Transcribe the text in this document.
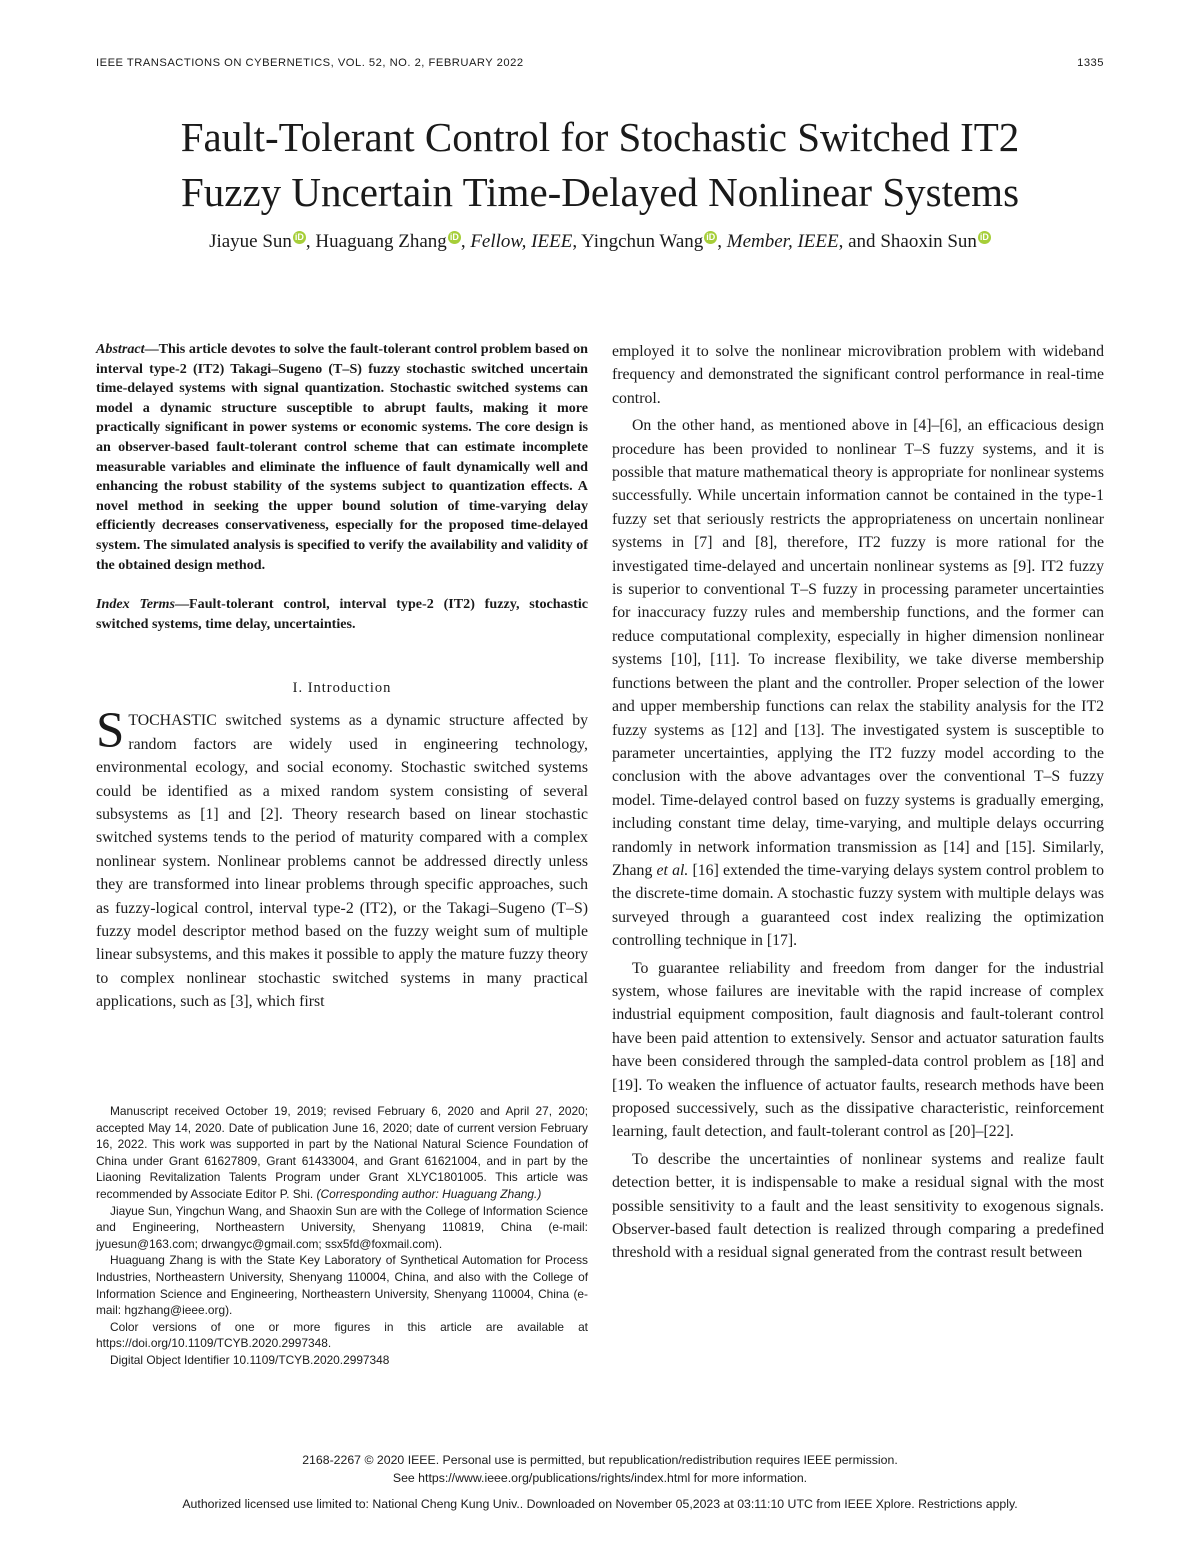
IEEE TRANSACTIONS ON CYBERNETICS, VOL. 52, NO. 2, FEBRUARY 2022	1335
Fault-Tolerant Control for Stochastic Switched IT2
Fuzzy Uncertain Time-Delayed Nonlinear Systems
Jiayue Sun iD , Huaguang Zhang iD , Fellow, IEEE, Yingchun Wang iD , Member, IEEE, and Shaoxin Sun iD

Abstract—This article devotes to solve the fault-tolerant control problem based on interval type-2 (IT2) Takagi–Sugeno (T–S) fuzzy stochastic switched uncertain time-delayed systems with signal quantization. Stochastic switched systems can model a dynamic structure susceptible to abrupt faults, making it more practically significant in power systems or economic systems. The core design is an observer-based fault-tolerant control scheme that can estimate incomplete measurable variables and eliminate the influence of fault dynamically well and enhancing the robust stability of the systems subject to quantization effects. A novel method in seeking the upper bound solution of time-varying delay efficiently decreases conservativeness, especially for the proposed time-delayed system. The simulated analysis is specified to verify the availability and validity of the obtained design method.

Index Terms—Fault-tolerant control, interval type-2 (IT2) fuzzy, stochastic switched systems, time delay, uncertainties.

I. Introduction

STOCHASTIC switched systems as a dynamic structure affected by random factors are widely used in engineering technology, environmental ecology, and social economy. Stochastic switched systems could be identified as a mixed random system consisting of several subsystems as [1] and [2]. Theory research based on linear stochastic switched systems tends to the period of maturity compared with a complex nonlinear system. Nonlinear problems cannot be addressed directly unless they are transformed into linear problems through specific approaches, such as fuzzy-logical control, interval type-2 (IT2), or the Takagi–Sugeno (T–S) fuzzy model descriptor method based on the fuzzy weight sum of multiple linear subsystems, and this makes it possible to apply the mature fuzzy theory to complex nonlinear stochastic switched systems in many practical applications, such as [3], which first

Manuscript received October 19, 2019; revised February 6, 2020 and April 27, 2020; accepted May 14, 2020. Date of publication June 16, 2020; date of current version February 16, 2022. This work was supported in part by the National Natural Science Foundation of China under Grant 61627809, Grant 61433004, and Grant 61621004, and in part by the Liaoning Revitalization Talents Program under Grant XLYC1801005. This article was recommended by Associate Editor P. Shi. (Corresponding author: Huaguang Zhang.)

Jiayue Sun, Yingchun Wang, and Shaoxin Sun are with the College of Information Science and Engineering, Northeastern University, Shenyang 110819, China (e-mail: jyuesun@163.com; drwangyc@gmail.com; ssx5fd@foxmail.com).

Huaguang Zhang is with the State Key Laboratory of Synthetical Automation for Process Industries, Northeastern University, Shenyang 110004, China, and also with the College of Information Science and Engineering, Northeastern University, Shenyang 110004, China (e-mail: hgzhang@ieee.org).

Color versions of one or more figures in this article are available at https://doi.org/10.1109/TCYB.2020.2997348.

Digital Object Identifier 10.1109/TCYB.2020.2997348

employed it to solve the nonlinear microvibration problem with wideband frequency and demonstrated the significant control performance in real-time control.

On the other hand, as mentioned above in [4]–[6], an efficacious design procedure has been provided to nonlinear T–S fuzzy systems, and it is possible that mature mathematical theory is appropriate for nonlinear systems successfully. While uncertain information cannot be contained in the type-1 fuzzy set that seriously restricts the appropriateness on uncertain nonlinear systems in [7] and [8], therefore, IT2 fuzzy is more rational for the investigated time-delayed and uncertain nonlinear systems as [9]. IT2 fuzzy is superior to conventional T–S fuzzy in processing parameter uncertainties for inaccuracy fuzzy rules and membership functions, and the former can reduce computational complexity, especially in higher dimension nonlinear systems [10], [11]. To increase flexibility, we take diverse membership functions between the plant and the controller. Proper selection of the lower and upper membership functions can relax the stability analysis for the IT2 fuzzy systems as [12] and [13]. The investigated system is susceptible to parameter uncertainties, applying the IT2 fuzzy model according to the conclusion with the above advantages over the conventional T–S fuzzy model. Time-delayed control based on fuzzy systems is gradually emerging, including constant time delay, time-varying, and multiple delays occurring randomly in network information transmission as [14] and [15]. Similarly, Zhang et al. [16] extended the time-varying delays system control problem to the discrete-time domain. A stochastic fuzzy system with multiple delays was surveyed through a guaranteed cost index realizing the optimization controlling technique in [17].

To guarantee reliability and freedom from danger for the industrial system, whose failures are inevitable with the rapid increase of complex industrial equipment composition, fault diagnosis and fault-tolerant control have been paid attention to extensively. Sensor and actuator saturation faults have been considered through the sampled-data control problem as [18] and [19]. To weaken the influence of actuator faults, research methods have been proposed successively, such as the dissipative characteristic, reinforcement learning, fault detection, and fault-tolerant control as [20]–[22].

To describe the uncertainties of nonlinear systems and realize fault detection better, it is indispensable to make a residual signal with the most possible sensitivity to a fault and the least sensitivity to exogenous signals. Observer-based fault detection is realized through comparing a predefined threshold with a residual signal generated from the contrast result between

2168-2267 © 2020 IEEE. Personal use is permitted, but republication/redistribution requires IEEE permission.
See https://www.ieee.org/publications/rights/index.html for more information.
Authorized licensed use limited to: National Cheng Kung Univ.. Downloaded on November 05,2023 at 03:11:10 UTC from IEEE Xplore. Restrictions apply.
